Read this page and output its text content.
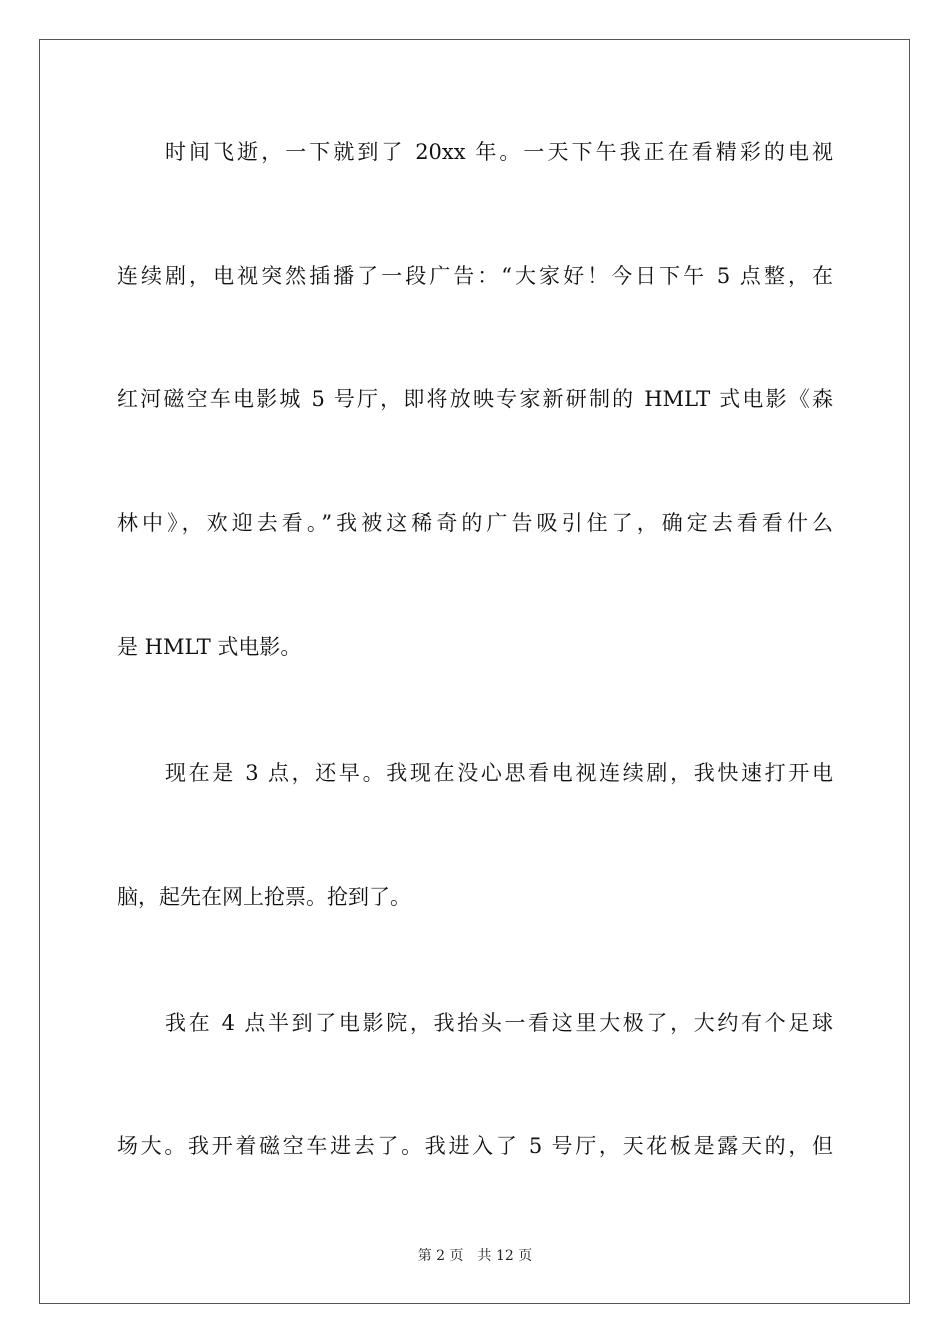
时间飞逝，一下就到了 20xx 年。一天下午我正在看精彩的电视
连续剧，电视突然插播了一段广告：“大家好！今日下午 5 点整，在
红河磁空车电影城 5 号厅，即将放映专家新研制的 HMLT 式电影《森
林中》，欢迎去看。”我被这稀奇的广告吸引住了，确定去看看什么
是 HMLT 式电影。
现在是 3 点，还早。我现在没心思看电视连续剧，我快速打开电
脑，起先在网上抢票。抢到了。
我在 4 点半到了电影院，我抬头一看这里大极了，大约有个足球
场大。我开着磁空车进去了。我进入了 5 号厅，天花板是露天的，但
第 2 页 共 12 页
